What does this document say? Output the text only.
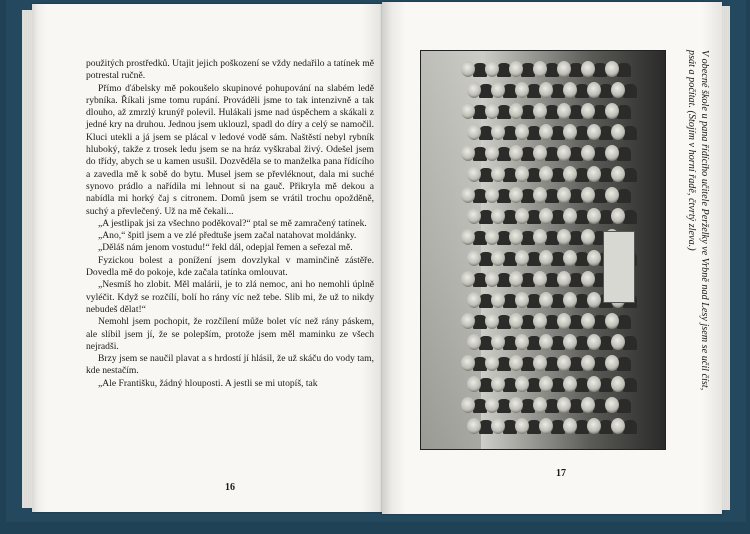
použitých prostředků. Utajit jejich poškození se vždy nedařilo a tatínek mě potrestal ručně.

Přímo ďábelsky mě pokoušelo skupinové pohupování na slabém ledě rybníka. Říkali jsme tomu rupání. Prováděli jsme to tak intenzivně a tak dlouho, až zmrzlý krunýř polevil. Hulákali jsme nad úspěchem a skákali z jedné kry na druhou. Jednou jsem uklouzl, spadl do díry a celý se namočil. Kluci utekli a já jsem se plácal v ledové vodě sám. Naštěstí nebyl rybník hluboký, takže z trosek ledu jsem se na hráz vyškrabal živý. Odešel jsem do třídy, abych se u kamen usušil. Dozvěděla se to manželka pana řídícího a zavedla mě k sobě do bytu. Musel jsem se převléknout, dala mi suché synovo prádlo a nařídila mi lehnout si na gauč. Přikryla mě dekou a nabídla mi horký čaj s citronem. Domů jsem se vrátil trochu opožděně, suchý a převlečený. Už na mě čekali...

„A jestlipak jsi za všechno poděkoval?“ ptal se mě zamračený tatínek.

„Ano,“ špitl jsem a ve zlé předtuše jsem začal natahovat moldánky.

„Děláš nám jenom vostudu!“ řekl dál, odepjal řemen a seřezal mě.

Fyzickou bolest a ponížení jsem dovzlykal v maminčině zástěře. Dovedla mě do pokoje, kde začala tatínka omlouvat.

„Nesmíš ho zlobit. Měl malárii, je to zlá nemoc, ani ho nemohli úplně vyléčit. Když se rozčílí, bolí ho rány víc než tebe. Slib mi, že už to nikdy nebudeš dělat!“

Nemohl jsem pochopit, že rozčílení může bolet víc než rány páskem, ale slíbil jsem jí, že se polepším, protože jsem měl maminku ze všech nejradši.

Brzy jsem se naučil plavat a s hrdostí jí hlásil, že už skáču do vody tam, kde nestačím.

„Ale Františku, žádný hlouposti. A jestli se mi utopíš, tak

16
V obecné škole u pana řídícího učitele Perželky ve Vrbně nad Lesy jsem se učil číst,
psát a počítat. (Stojím v horní řadě, čtvrtý zleva.)
17
